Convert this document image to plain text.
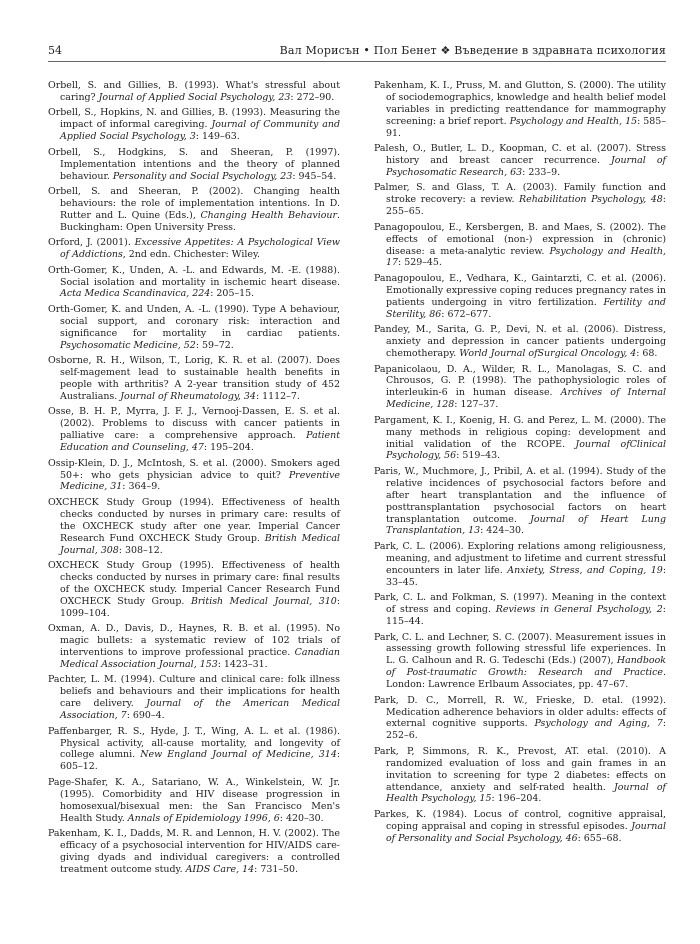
54	Вал Морисън • Пол Бенет ❖ Въведение в здравната психология

Orbell, S. and Gillies, B. (1993). What's stressful about caring? Journal of Applied Social Psychology, 23: 272–90.

Orbell, S., Hopkins, N. and Gillies, B. (1993). Measuring the impact of informal caregiving. Journal of Community and Applied Social Psychology, 3: 149–63.

Orbell, S., Hodgkins, S. and Sheeran, P. (1997). Implementation intentions and the theory of planned behaviour. Personality and Social Psychology, 23: 945–54.

Orbell, S. and Sheeran, P. (2002). Changing health behaviours: the role of implementation intentions. In D. Rutter and L. Quine (Eds.), Changing Health Behaviour. Buckingham: Open University Press.

Orford, J. (2001). Excessive Appetites: A Psychological View of Addictions, 2nd edn. Chichester: Wiley.

Orth-Gomer, K., Unden, A. -L. and Edwards, M. -E. (1988). Social isolation and mortality in ischemic heart disease. Acta Medica Scandinavica, 224: 205–15.

Orth-Gomer, K. and Unden, A. -L. (1990). Type A behaviour, social support, and coronary risk: interaction and significance for mortality in cardiac patients. Psychosomatic Medicine, 52: 59–72.

Osborne, R. H., Wilson, T., Lorig, K. R. et al. (2007). Does self-magement lead to sustainable health benefits in people with arthritis? A 2-year transition study of 452 Australians. Journal of Rheumatology, 34: 1112–7.

Osse, B. H. P., Myrra, J. F. J., Vernooj-Dassen, E. S. et al. (2002). Problems to discuss with cancer patients in palliative care: a comprehensive approach. Patient Education and Counseling, 47: 195–204.

Ossip-Klein, D. J., McIntosh, S. et al. (2000). Smokers aged 50+: who gets physician advice to quit? Preventive Medicine, 31: 364–9.

OXCHECK Study Group (1994). Effectiveness of health checks conducted by nurses in primary care: results of the OXCHECK study after one year. Imperial Cancer Research Fund OXCHECK Study Group. British Medical Journal, 308: 308–12.

OXCHECK Study Group (1995). Effectiveness of health checks conducted by nurses in primary care: final results of the OXCHECK study. Imperial Cancer Research Fund OXCHECK Study Group. British Medical Journal, 310: 1099–104.

Oxman, A. D., Davis, D., Haynes, R. B. et al. (1995). No magic bullets: a systematic review of 102 trials of interventions to improve professional practice. Canadian Medical Association Journal, 153: 1423–31.

Pachter, L. M. (1994). Culture and clinical care: folk illness beliefs and behaviours and their implications for health care delivery. Journal of the American Medical Association, 7: 690–4.

Paffenbarger, R. S., Hyde, J. T., Wing, A. L. et al. (1986). Physical activity, all-cause mortality, and longevity of college alumni. New England Journal of Medicine, 314: 605–12.

Page-Shafer, K. A., Satariano, W. A., Winkelstein, W. Jr. (1995). Comorbidity and HIV disease progression in homosexual/bisexual men: the San Francisco Men's Health Study. Annals of Epidemiology 1996, 6: 420–30.

Pakenham, K. I., Dadds, M. R. and Lennon, H. V. (2002). The efficacy of a psychosocial intervention for HIV/AIDS care- giving dyads and individual caregivers: a controlled treatment outcome study. AIDS Care, 14: 731–50.

Pakenham, K. I., Pruss, M. and Glutton, S. (2000). The utility of sociodemographics, knowledge and health belief model variables in predicting reattendance for mammography screening: a brief report. Psychology and Health, 15: 585–91.

Palesh, O., Butler, L. D., Koopman, C. et al. (2007). Stress history and breast cancer recurrence. Journal of Psychosomatic Research, 63: 233–9.

Palmer, S. and Glass, T. A. (2003). Family function and stroke recovery: a review. Rehabilitation Psychology, 48: 255–65.

Panagopoulou, E., Kersbergen, B. and Maes, S. (2002). The effects of emotional (non-) expression in (chronic) disease: a meta-analytic review. Psychology and Health, 17: 529–45.

Panagopoulou, E., Vedhara, K., Gaintarzti, C. et al. (2006). Emotionally expressive coping reduces pregnancy rates in patients undergoing in vitro fertilization. Fertility and Sterility, 86: 672–677.

Pandey, M., Sarita, G. P., Devi, N. et al. (2006). Distress, anxiety and depression in cancer patients undergoing chemotherapy. World Journal ofSurgical Oncology, 4: 68.

Papanicolaou, D. A., Wilder, R. L., Manolagas, S. C. and Chrousos, G. P. (1998). The pathophysiologic roles of interleukin-6 in human disease. Archives of Internal Medicine, 128: 127–37.

Pargament, K. I., Koenig, H. G. and Perez, L. M. (2000). The many methods in religious coping: development and initial validation of the RCOPE. Journal ofClinical Psychology, 56: 519–43.

Paris, W., Muchmore, J., Pribil, A. et al. (1994). Study of the relative incidences of psychosocial factors before and after heart transplantation and the influence of posttransplantation psychosocial factors on heart transplantation outcome. Journal of Heart Lung Transplantation, 13: 424–30.

Park, C. L. (2006). Exploring relations among religiousness, meaning, and adjustment to lifetime and current stressful encounters in later life. Anxiety, Stress, and Coping, 19: 33–45.

Park, C. L. and Folkman, S. (1997). Meaning in the context of stress and coping. Reviews in General Psychology, 2: 115–44.

Park, C. L. and Lechner, S. C. (2007). Measurement issues in assessing growth following stressful life experiences. In L. G. Calhoun and R. G. Tedeschi (Eds.) (2007), Handbook of Post-traumatic Growth: Research and Practice. London: Lawrence Erlbaum Associates, pp. 47–67.

Park, D. C., Morrell, R. W., Frieske, D. etal. (1992). Medication adherence behaviors in older adults: effects of external cognitive supports. Psychology and Aging, 7: 252–6.

Park, P, Simmons, R. K., Prevost, AT. etal. (2010). A randomized evaluation of loss and gain frames in an invitation to screening for type 2 diabetes: effects on attendance, anxiety and self-rated health. Journal of Health Psychology, 15: 196–204.

Parkes, K. (1984). Locus of control, cognitive appraisal, coping appraisal and coping in stressful episodes. Journal of Personality and Social Psychology, 46: 655–68.
